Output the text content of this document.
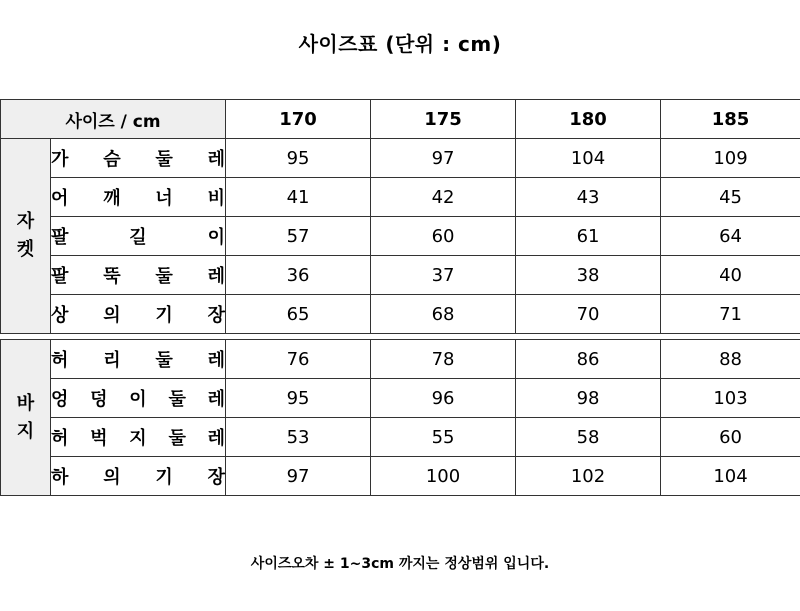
사이즈표 (단위 : cm)
사이즈 / cm		170	175	180	185
자
켓	가 슴 둘 레	95	97	104	109
	어 깨 너 비	41	42	43	45
	팔 길 이	57	60	61	64
	팔 뚝 둘 레	36	37	38	40
	상 의 기 장	65	68	70	71

바
지	허 리 둘 레	76	78	86	88
	엉 덩 이 둘 레	95	96	98	103
	허 벅 지 둘 레	53	55	58	60
	하 의 기 장	97	100	102	104
사이즈오차 ± 1~3cm 까지는 정상범위 입니다.
